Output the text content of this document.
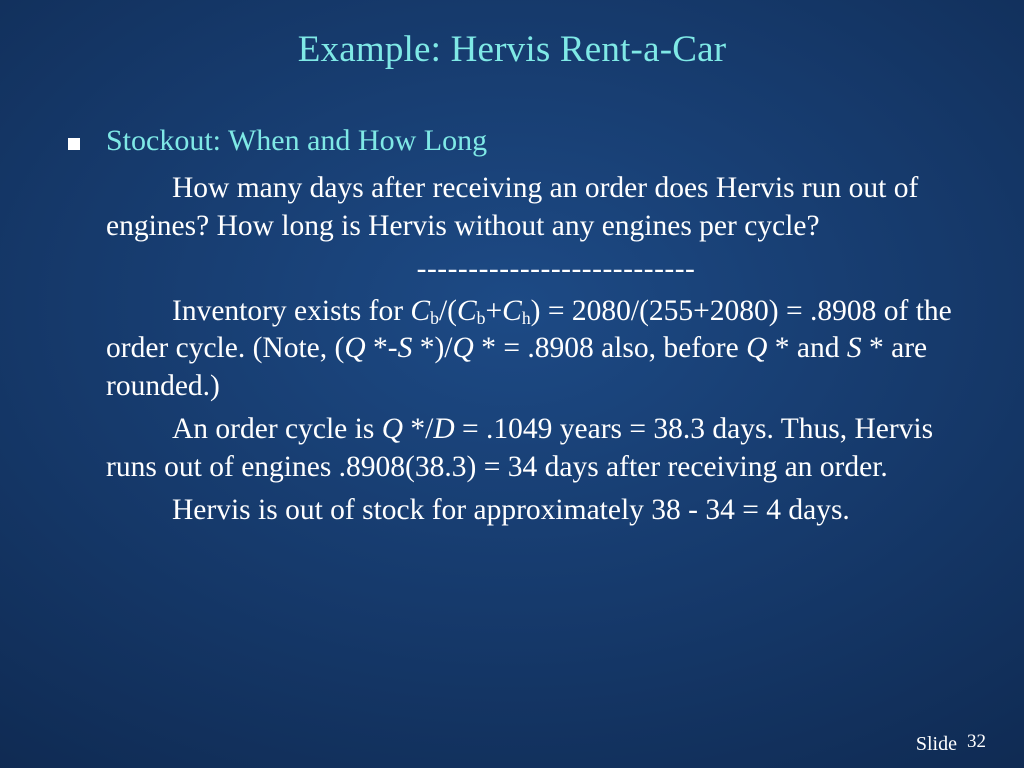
Example: Hervis Rent-a-Car
Stockout: When and How Long

How many days after receiving an order does Hervis run out of engines? How long is Hervis without any engines per cycle?

---------------------------

Inventory exists for $C_b/(C_b+C_h) = 2080/(255+2080) = .8908$ of the order cycle. (Note, (Q *-S *)/Q * = .8908 also, before Q * and S * are rounded.)

An order cycle is Q */D = .1049 years = 38.3 days. Thus, Hervis runs out of engines .8908(38.3) = 34 days after receiving an order.

Hervis is out of stock for approximately 38 - 34 = 4 days.

Slide 32
